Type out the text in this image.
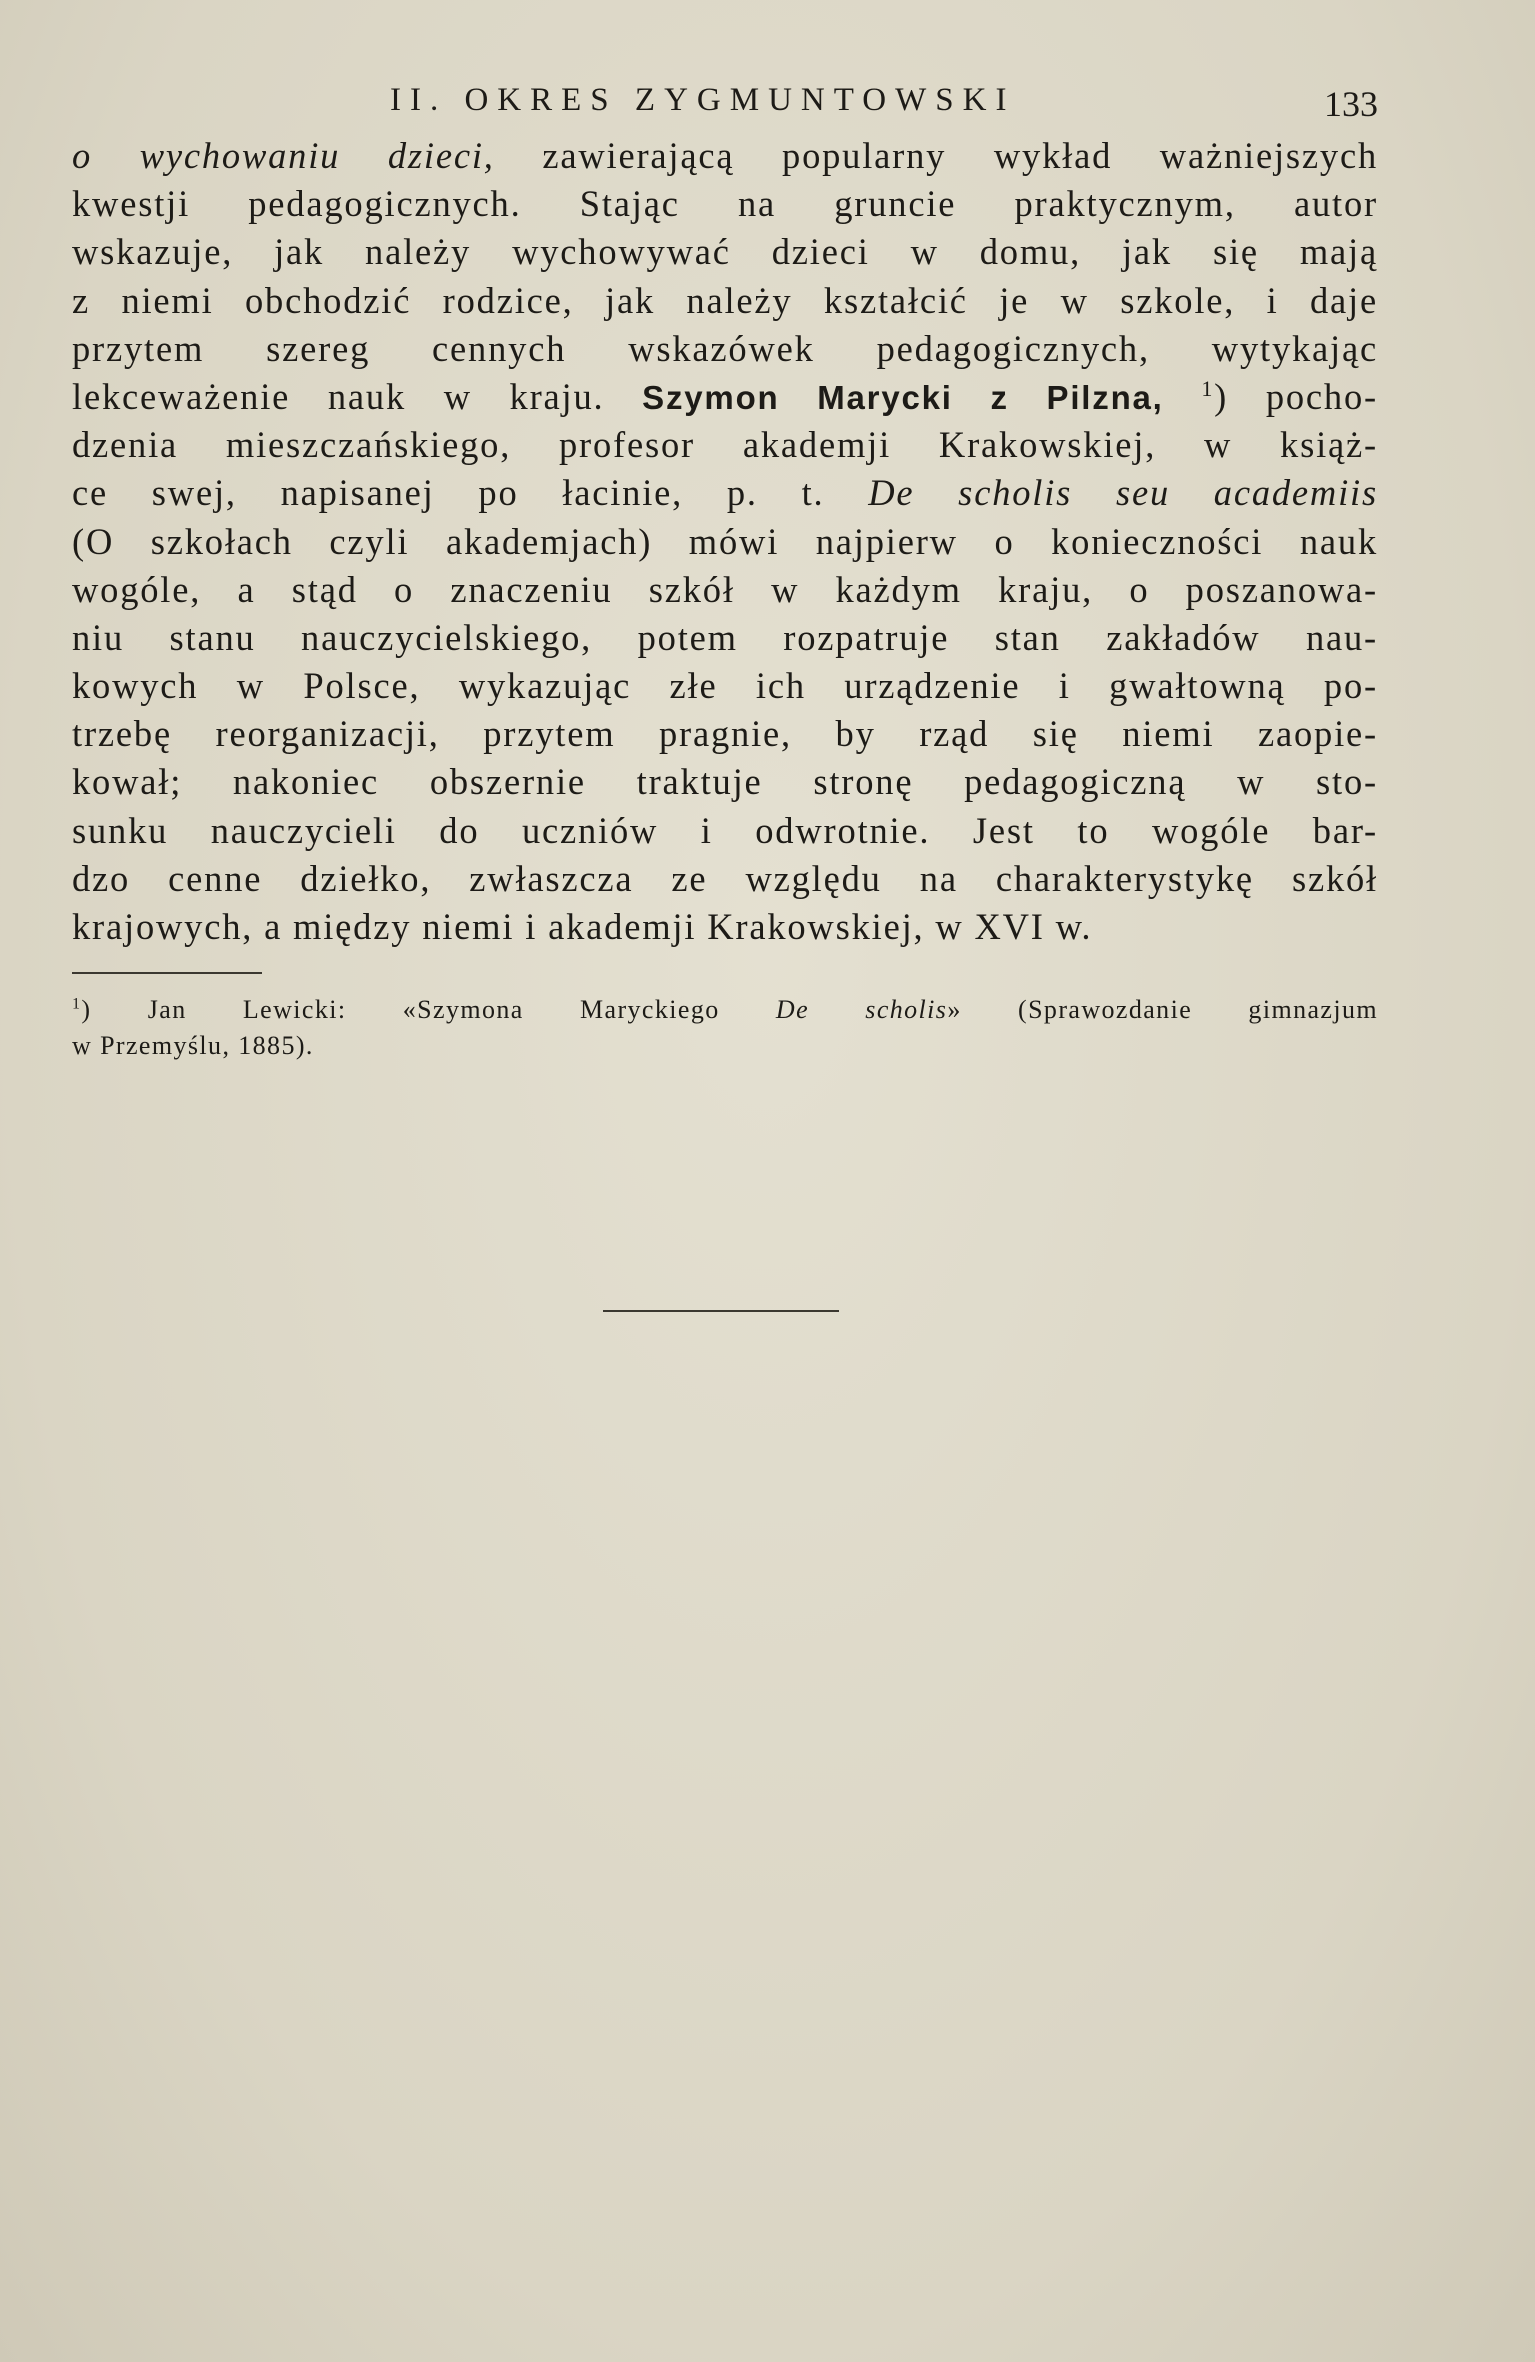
II. OKRES ZYGMUNTOWSKI	133
o wychowaniu dzieci, zawierającą popularny wykład ważniejszych
kwestji pedagogicznych. Stając na gruncie praktycznym, autor
wskazuje, jak należy wychowywać dzieci w domu, jak się mają
z niemi obchodzić rodzice, jak należy kształcić je w szkole, i daje
przytem szereg cennych wskazówek pedagogicznych, wytykając
lekceważenie nauk w kraju. Szymon Marycki z Pilzna, $^1$) pocho-
dzenia mieszczańskiego, profesor akademji Krakowskiej, w książ-
ce swej, napisanej po łacinie, p. t. De scholis seu academiis
(O szkołach czyli akademjach) mówi najpierw o konieczności nauk
wogóle, a stąd o znaczeniu szkół w każdym kraju, o poszanowa-
niu stanu nauczycielskiego, potem rozpatruje stan zakładów nau-
kowych w Polsce, wykazując złe ich urządzenie i gwałtowną po-
trzebę reorganizacji, przytem pragnie, by rząd się niemi zaopie-
kował; nakoniec obszernie traktuje stronę pedagogiczną w sto-
sunku nauczycieli do uczniów i odwrotnie. Jest to wogóle bar-
dzo cenne dziełko, zwłaszcza ze względu na charakterystykę szkół
krajowych, a między niemi i akademji Krakowskiej, w XVI w.
$^1$) Jan Lewicki: «Szymona Maryckiego De scholis» (Sprawozdanie gimnazjum
w Przemyślu, 1885).
